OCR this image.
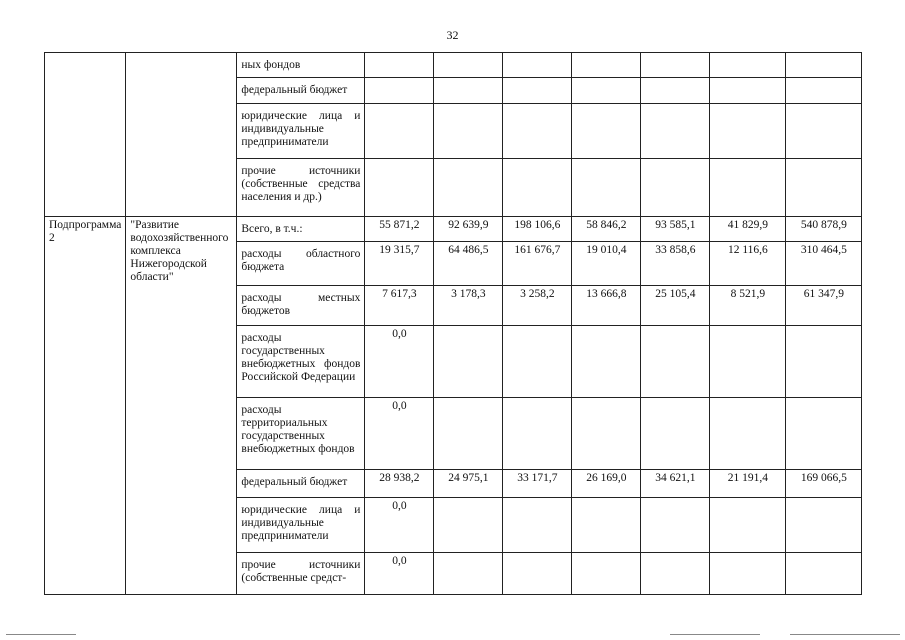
32
		ных фондов							
		федеральный бюджет							
		юридические лица и индивидуальные предприниматели							
		прочие источники (собственные средства населения и др.)							
Подпрограмма 2	"Развитие водохозяйственного комплекса Нижегородской области"	Всего, в т.ч.:	55 871,2	92 639,9	198 106,6	58 846,2	93 585,1	41 829,9	540 878,9
		расходы областного бюджета	19 315,7	64 486,5	161 676,7	19 010,4	33 858,6	12 116,6	310 464,5
		расходы местных бюджетов	7 617,3	3 178,3	3 258,2	13 666,8	25 105,4	8 521,9	61 347,9
		расходы государственных внебюджетных фондов Российской Федерации	0,0						
		расходы территориальных государственных внебюджетных фондов	0,0						
		федеральный бюджет	28 938,2	24 975,1	33 171,7	26 169,0	34 621,1	21 191,4	169 066,5
		юридические лица и индивидуальные предприниматели	0,0						
		прочие источники (собственные средст-	0,0						
